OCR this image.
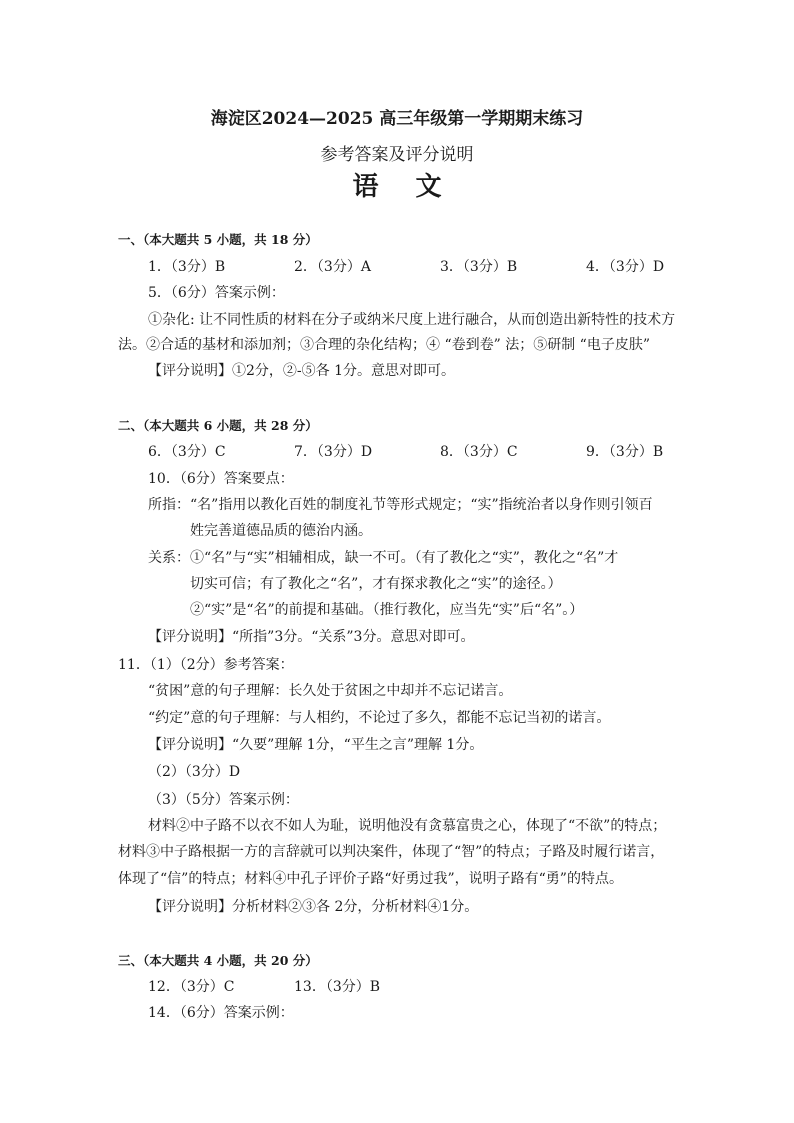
海淀区2024—2025 高三年级第一学期期末练习
参考答案及评分说明
语 文
一、（本大题共 5 小题，共 18 分）
1．（3分）B	2．（3分）A	3．（3分）B	4．（3分）D
5．（6分）答案示例：
①杂化: 让不同性质的材料在分子或纳米尺度上进行融合，从而创造出新特性的技术方
法。②合适的基材和添加剂；③合理的杂化结构；④ “卷到卷” 法；⑤研制 “电子皮肤”
【评分说明】①2分，②-⑤各 1分。意思对即可。
二、（本大题共 6 小题，共 28 分）
6．（3分）C	7．（3分）D	8．（3分）C	9．（3分）B
10．（6分）答案要点：
所指：“名”指用以教化百姓的制度礼节等形式规定；“实”指统治者以身作则引领百
姓完善道德品质的德治内涵。
关系：①“名”与“实”相辅相成，缺一不可。（有了教化之“实”，教化之“名”才
切实可信；有了教化之“名”，才有探求教化之“实”的途径。）
②“实”是“名”的前提和基础。（推行教化，应当先“实”后“名”。）
【评分说明】“所指”3分。“关系”3分。意思对即可。
11．（1）（2分）参考答案：
“贫困”意的句子理解：长久处于贫困之中却并不忘记诺言。
“约定”意的句子理解：与人相约，不论过了多久，都能不忘记当初的诺言。
【评分说明】“久要”理解 1分，“平生之言”理解 1分。
（2）（3分）D
（3）（5分）答案示例：
材料②中子路不以衣不如人为耻，说明他没有贪慕富贵之心，体现了“不欲”的特点；
材料③中子路根据一方的言辞就可以判决案件，体现了“智”的特点；子路及时履行诺言，
体现了“信”的特点；材料④中孔子评价子路“好勇过我”，说明子路有“勇”的特点。
【评分说明】分析材料②③各 2分，分析材料④1分。
三、（本大题共 4 小题，共 20 分）
12．（3分）C	13．（3分）B
14．（6分）答案示例：
